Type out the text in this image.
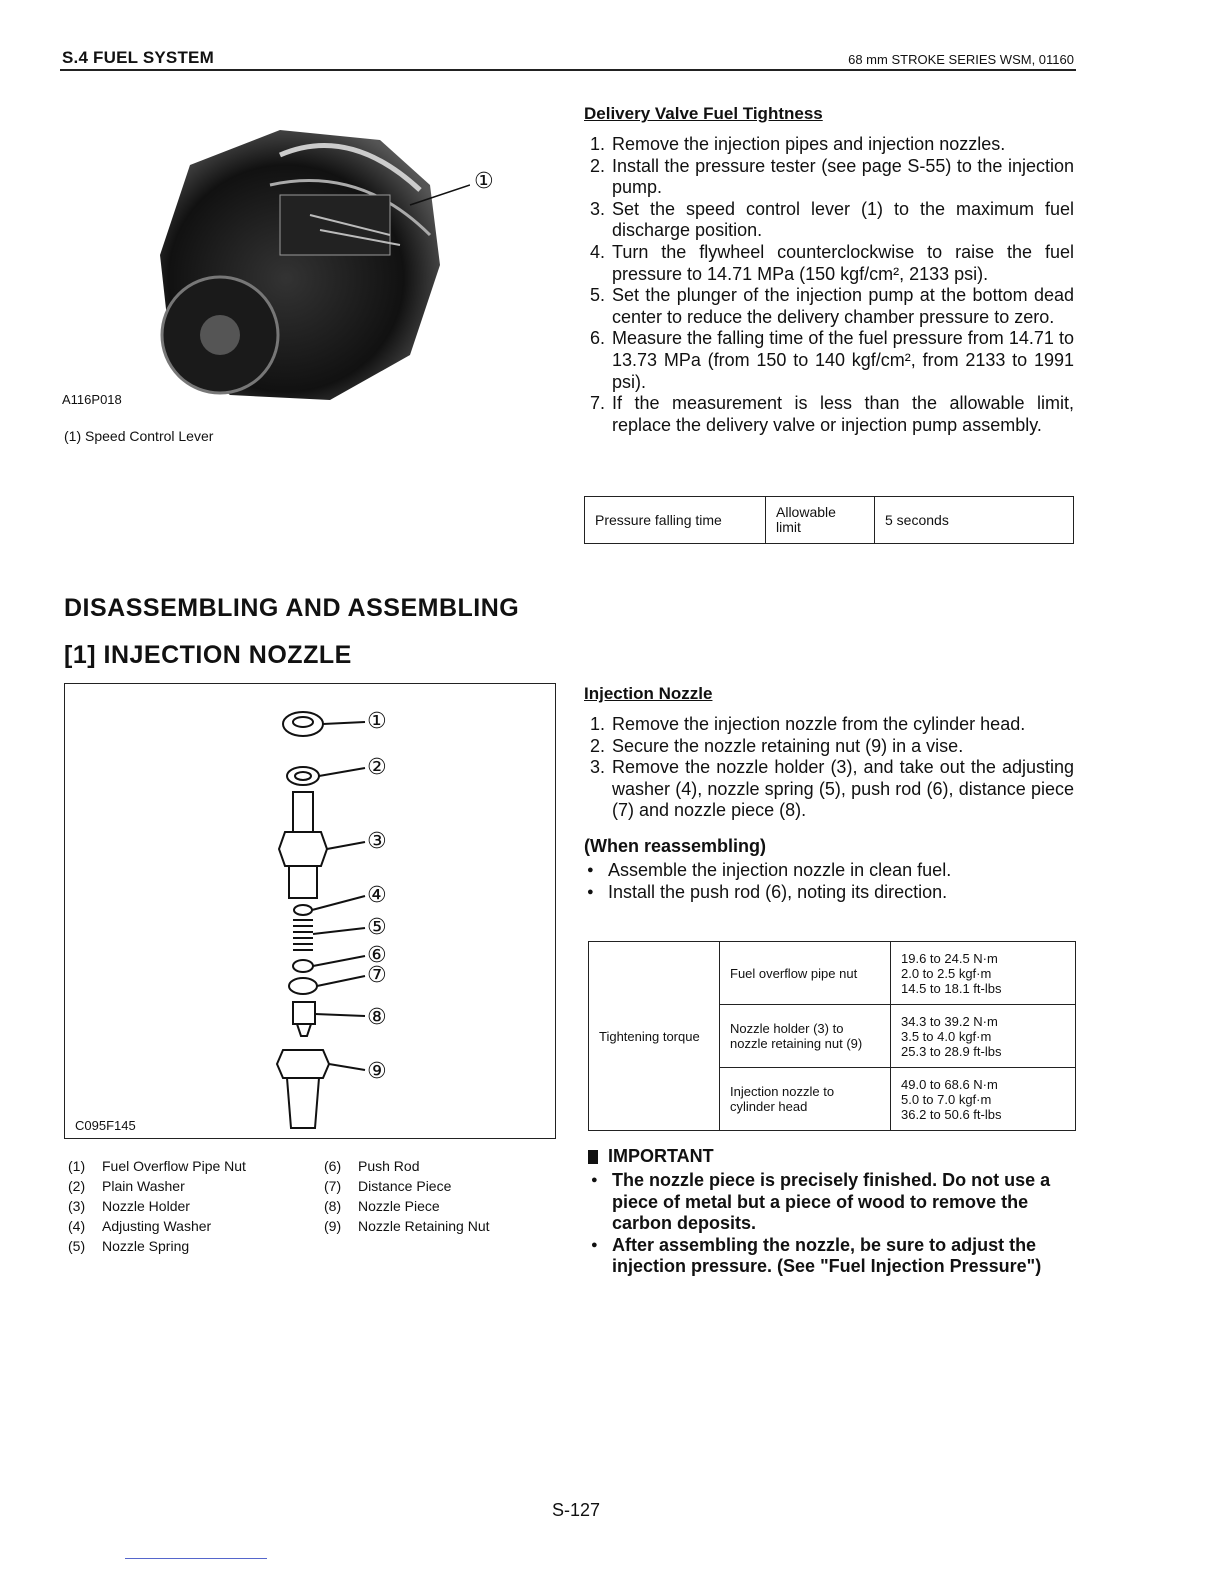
S.4 FUEL SYSTEM	68 mm STROKE SERIES WSM, 01160
①
A116P018
(1) Speed Control Lever
Delivery Valve Fuel Tightness
1. Remove the injection pipes and injection nozzles.
2. Install the pressure tester (see page S-55) to the injection pump.
3. Set the speed control lever (1) to the maximum fuel discharge position.
4. Turn the flywheel counterclockwise to raise the fuel pressure to 14.71 MPa (150 kgf/cm², 2133 psi).
5. Set the plunger of the injection pump at the bottom dead center to reduce the delivery chamber pressure to zero.
6. Measure the falling time of the fuel pressure from 14.71 to 13.73 MPa (from 150 to 140 kgf/cm², from 2133 to 1991 psi).
7. If the measurement is less than the allowable limit, replace the delivery valve or injection pump assembly.
Pressure falling time	Allowable limit	5 seconds
DISASSEMBLING AND ASSEMBLING
[1] INJECTION NOZZLE
①
②
③
④
⑤
⑥
⑦
⑧
⑨
C095F145
(1)	Fuel Overflow Pipe Nut
(2)	Plain Washer
(3)	Nozzle Holder
(4)	Adjusting Washer
(5)	Nozzle Spring
(6)	Push Rod
(7)	Distance Piece
(8)	Nozzle Piece
(9)	Nozzle Retaining Nut
Injection Nozzle
1. Remove the injection nozzle from the cylinder head.
2. Secure the nozzle retaining nut (9) in a vise.
3. Remove the nozzle holder (3), and take out the adjusting washer (4), nozzle spring (5), push rod (6), distance piece (7) and nozzle piece (8).
(When reassembling)
● Assemble the injection nozzle in clean fuel.
● Install the push rod (6), noting its direction.
Tightening torque	Fuel overflow pipe nut	19.6 to 24.5 N·m
2.0 to 2.5 kgf·m
14.5 to 18.1 ft-lbs

	Nozzle holder (3) to nozzle retaining nut (9)	34.3 to 39.2 N·m
3.5 to 4.0 kgf·m
25.3 to 28.9 ft-lbs

	Injection nozzle to cylinder head	49.0 to 68.6 N·m
5.0 to 7.0 kgf·m
36.2 to 50.6 ft-lbs
IMPORTANT
● The nozzle piece is precisely finished. Do not use a piece of metal but a piece of wood to remove the carbon deposits.
● After assembling the nozzle, be sure to adjust the injection pressure. (See "Fuel Injection Pressure")
S-127
